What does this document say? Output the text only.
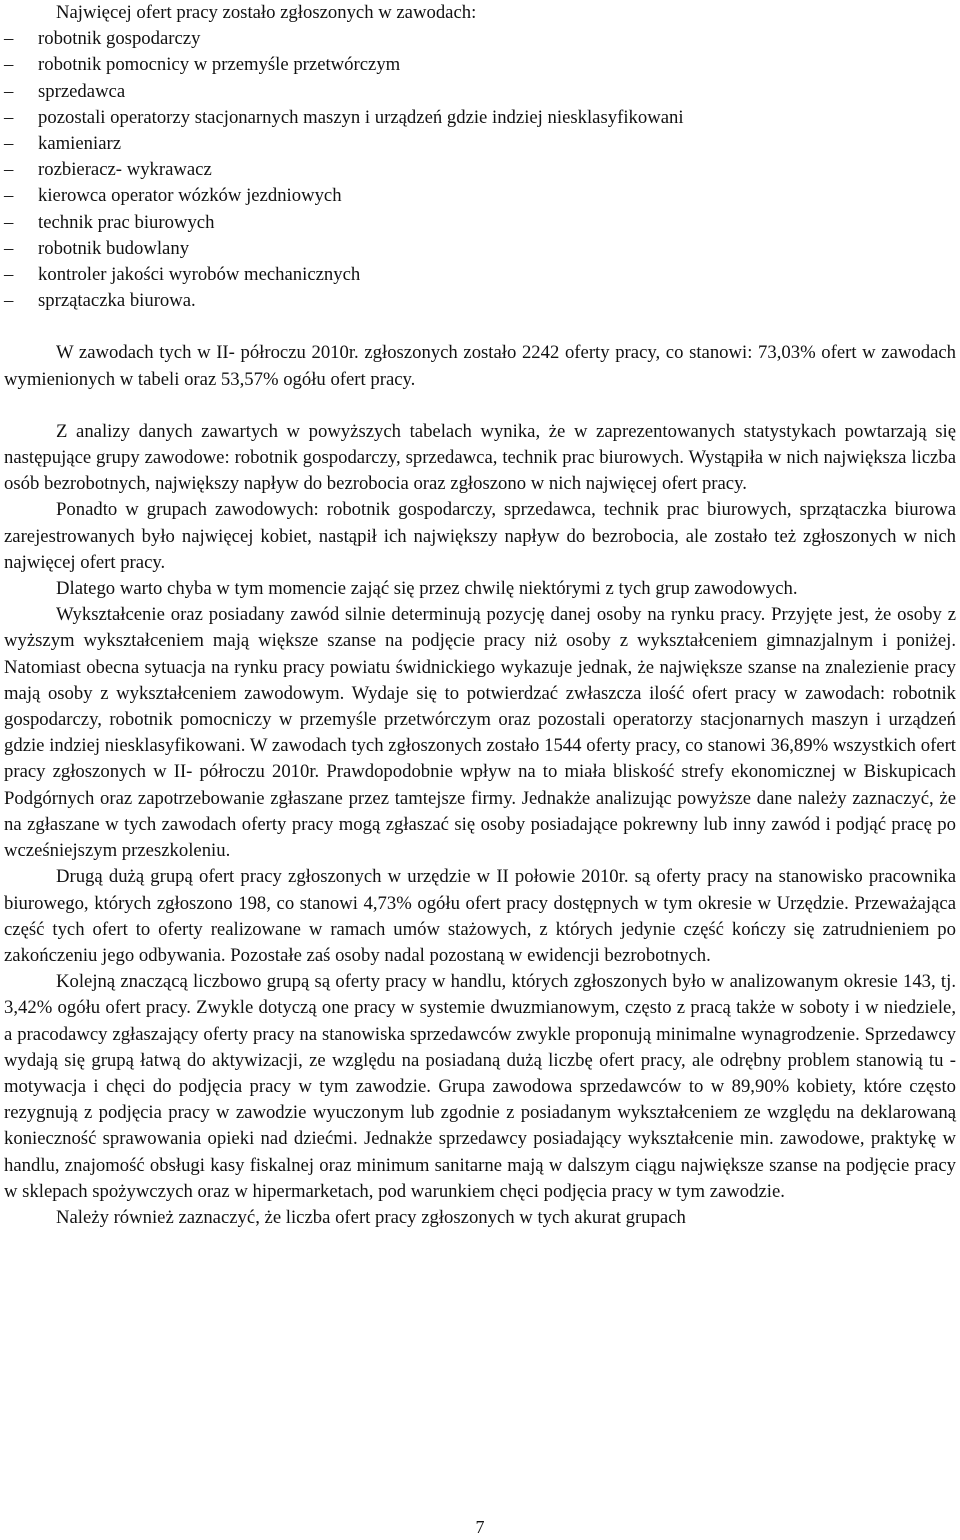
Najwięcej ofert pracy zostało zgłoszonych w zawodach:

–	robotnik gospodarczy
–	robotnik pomocnicy w przemyśle przetwórczym
–	sprzedawca
–	pozostali operatorzy stacjonarnych maszyn i urządzeń gdzie indziej niesklasyfikowani
–	kamieniarz
–	rozbieracz- wykrawacz
–	kierowca operator wózków jezdniowych
–	technik prac biurowych
–	robotnik budowlany
–	kontroler jakości wyrobów mechanicznych
–	sprzątaczka biurowa.

W zawodach tych w II- półroczu 2010r. zgłoszonych zostało 2242 oferty pracy, co stanowi: 73,03% ofert w zawodach wymienionych w tabeli oraz 53,57% ogółu ofert pracy.

Z analizy danych zawartych w powyższych tabelach wynika, że w zaprezentowanych statystykach powtarzają się następujące grupy zawodowe: robotnik gospodarczy, sprzedawca, technik prac biurowych. Wystąpiła w nich największa liczba osób bezrobotnych, największy napływ do bezrobocia oraz zgłoszono w nich najwięcej ofert pracy.

Ponadto w grupach zawodowych: robotnik gospodarczy, sprzedawca, technik prac biurowych, sprzątaczka biurowa zarejestrowanych było najwięcej kobiet, nastąpił ich największy napływ do bezrobocia, ale zostało też zgłoszonych w nich najwięcej ofert pracy.

Dlatego warto chyba w tym momencie zająć się przez chwilę niektórymi z tych grup zawodowych.

Wykształcenie oraz posiadany zawód silnie determinują pozycję danej osoby na rynku pracy. Przyjęte jest, że osoby z wyższym wykształceniem mają większe szanse na podjęcie pracy niż osoby z wykształceniem gimnazjalnym i poniżej. Natomiast obecna sytuacja na rynku pracy powiatu świdnickiego wykazuje jednak, że największe szanse na znalezienie pracy mają osoby z wykształceniem zawodowym. Wydaje się to potwierdzać zwłaszcza ilość ofert pracy w zawodach: robotnik gospodarczy, robotnik pomocniczy w przemyśle przetwórczym oraz pozostali operatorzy stacjonarnych maszyn i urządzeń gdzie indziej niesklasyfikowani. W zawodach tych zgłoszonych zostało 1544 oferty pracy, co stanowi 36,89% wszystkich ofert pracy zgłoszonych w II- półroczu 2010r. Prawdopodobnie wpływ na to miała bliskość strefy ekonomicznej w Biskupicach Podgórnych oraz zapotrzebowanie zgłaszane przez tamtejsze firmy. Jednakże analizując powyższe dane należy zaznaczyć, że na zgłaszane w tych zawodach oferty pracy mogą zgłaszać się osoby posiadające pokrewny lub inny zawód i podjąć pracę po wcześniejszym przeszkoleniu.

Drugą dużą grupą ofert pracy zgłoszonych w urzędzie w II połowie 2010r. są oferty pracy na stanowisko pracownika biurowego, których zgłoszono 198, co stanowi 4,73% ogółu ofert pracy dostępnych w tym okresie w Urzędzie. Przeważająca część tych ofert to oferty realizowane w ramach umów stażowych, z których jedynie część kończy się zatrudnieniem po zakończeniu jego odbywania. Pozostałe zaś osoby nadal pozostaną w ewidencji bezrobotnych.

Kolejną znaczącą liczbowo grupą są oferty pracy w handlu, których zgłoszonych było w analizowanym okresie 143, tj. 3,42% ogółu ofert pracy. Zwykle dotyczą one pracy w systemie dwuzmianowym, często z pracą także w soboty i w niedziele, a pracodawcy zgłaszający oferty pracy na stanowiska sprzedawców zwykle proponują minimalne wynagrodzenie. Sprzedawcy wydają się grupą łatwą do aktywizacji, ze względu na posiadaną dużą liczbę ofert pracy, ale odrębny problem stanowią tu - motywacja i chęci do podjęcia pracy w tym zawodzie. Grupa zawodowa sprzedawców to w 89,90% kobiety, które często rezygnują z podjęcia pracy w zawodzie wyuczonym lub zgodnie z posiadanym wykształceniem ze względu na deklarowaną konieczność sprawowania opieki nad dziećmi. Jednakże sprzedawcy posiadający wykształcenie min. zawodowe, praktykę w handlu, znajomość obsługi kasy fiskalnej oraz minimum sanitarne mają w dalszym ciągu największe szanse na podjęcie pracy w sklepach spożywczych oraz w hipermarketach, pod warunkiem chęci podjęcia pracy w tym zawodzie.

Należy również zaznaczyć, że liczba ofert pracy zgłoszonych w tych akurat grupach

7
